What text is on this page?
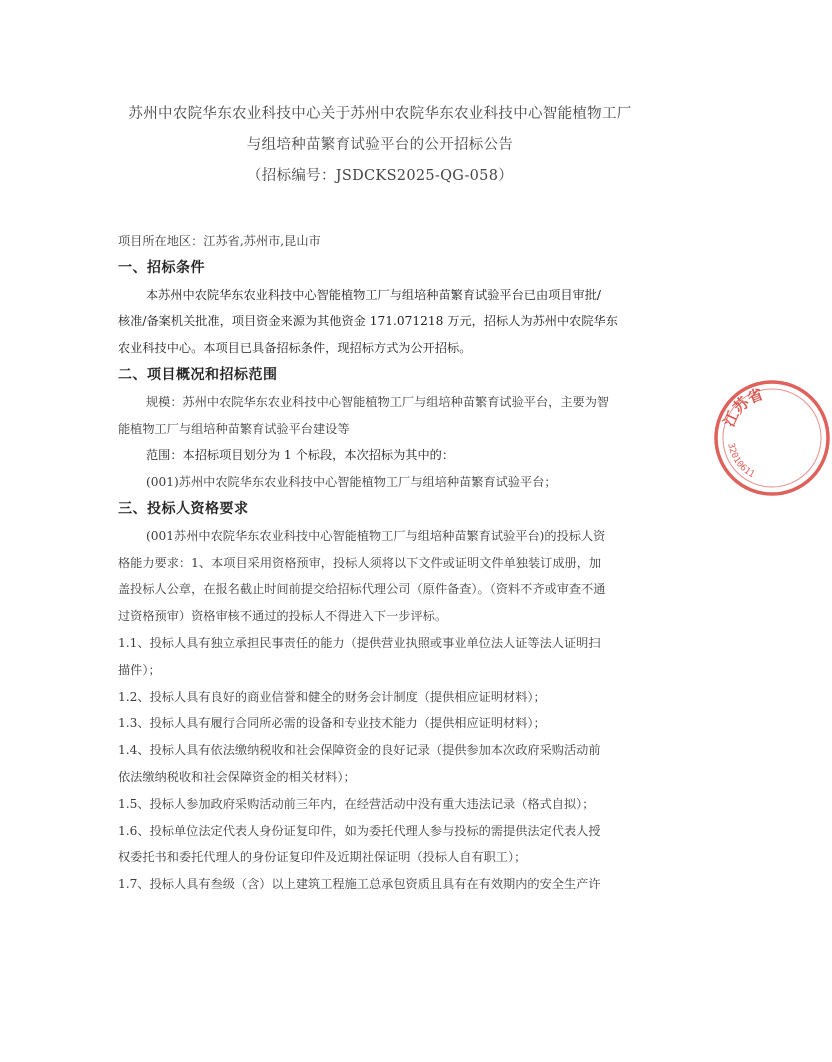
苏州中农院华东农业科技中心关于苏州中农院华东农业科技中心智能植物工厂
与组培种苗繁育试验平台的公开招标公告
（招标编号：JSDCKS2025-QG-058）
项目所在地区：江苏省,苏州市,昆山市
一、招标条件
本苏州中农院华东农业科技中心智能植物工厂与组培种苗繁育试验平台已由项目审批/
核准/备案机关批准，项目资金来源为其他资金 171.071218 万元，招标人为苏州中农院华东
农业科技中心。本项目已具备招标条件，现招标方式为公开招标。
二、项目概况和招标范围
规模：苏州中农院华东农业科技中心智能植物工厂与组培种苗繁育试验平台，主要为智
能植物工厂与组培种苗繁育试验平台建设等
范围：本招标项目划分为 1 个标段，本次招标为其中的：
(001)苏州中农院华东农业科技中心智能植物工厂与组培种苗繁育试验平台；
三、投标人资格要求
(001苏州中农院华东农业科技中心智能植物工厂与组培种苗繁育试验平台)的投标人资
格能力要求：1、本项目采用资格预审，投标人须将以下文件或证明文件单独装订成册，加
盖投标人公章，在报名截止时间前提交给招标代理公司（原件备查）。（资料不齐或审查不通
过资格预审）资格审核不通过的投标人不得进入下一步评标。
1.1、投标人具有独立承担民事责任的能力（提供营业执照或事业单位法人证等法人证明扫
描件）；
1.2、投标人具有良好的商业信誉和健全的财务会计制度（提供相应证明材料）；
1.3、投标人具有履行合同所必需的设备和专业技术能力（提供相应证明材料）；
1.4、投标人具有依法缴纳税收和社会保障资金的良好记录（提供参加本次政府采购活动前
依法缴纳税收和社会保障资金的相关材料）；
1.5、投标人参加政府采购活动前三年内，在经营活动中没有重大违法记录（格式自拟）；
1.6、投标单位法定代表人身份证复印件，如为委托代理人参与投标的需提供法定代表人授
权委托书和委托代理人的身份证复印件及近期社保证明（投标人自有职工）；
1.7、投标人具有叁级（含）以上建筑工程施工总承包资质且具有在有效期内的安全生产许
江苏省
32010611
